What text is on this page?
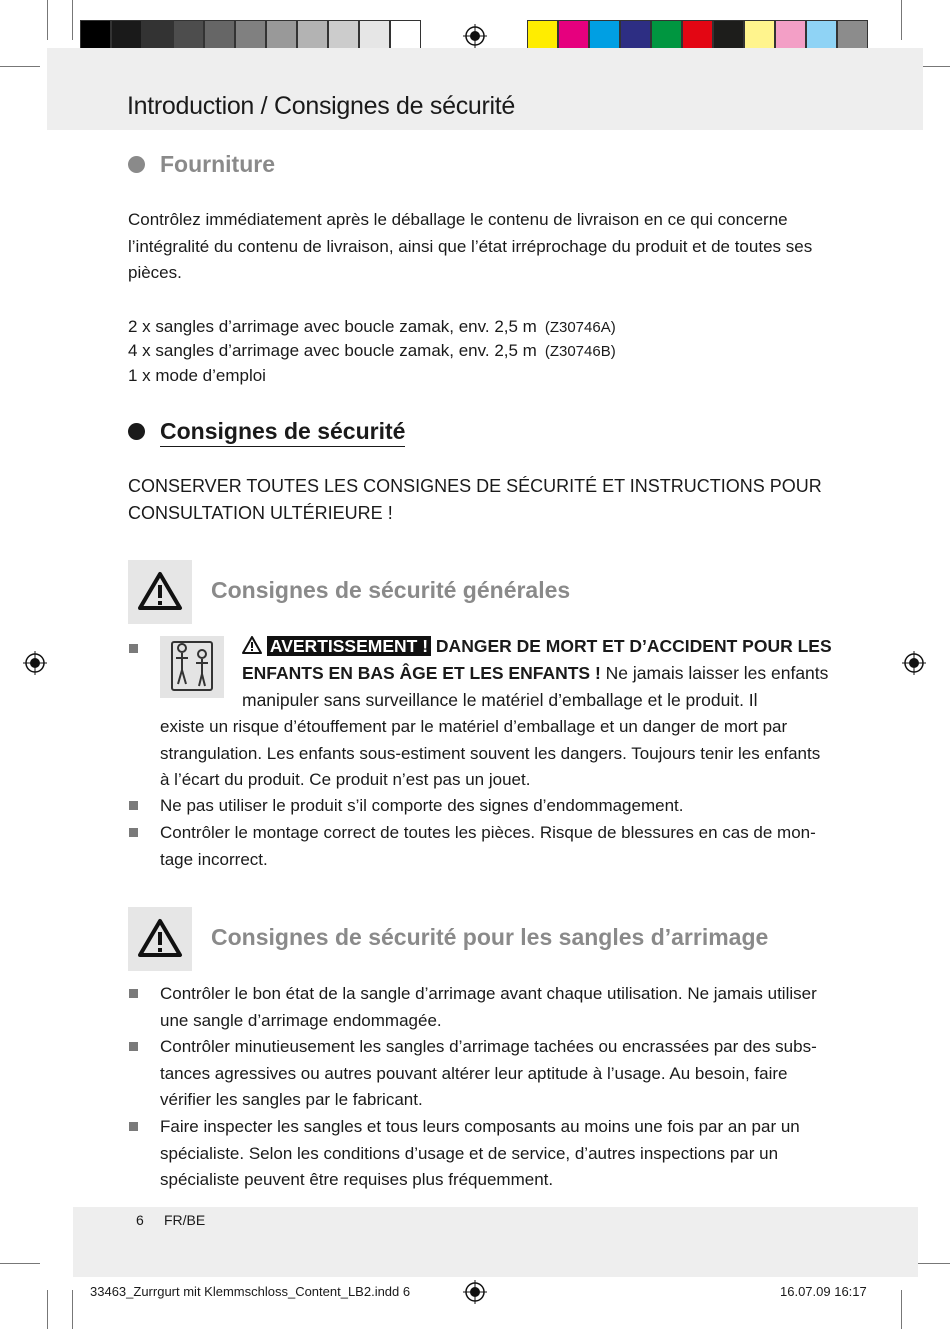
Introduction / Consignes de sécurité
Fourniture

Contrôlez immédiatement après le déballage le contenu de livraison en ce qui concerne l’intégralité du contenu de livraison, ainsi que l’état irréprochage du produit et de toutes ses pièces.

2 x sangles d’arrimage avec boucle zamak, env. 2,5 m (Z30746A)
4 x sangles d’arrimage avec boucle zamak, env. 2,5 m (Z30746B)
1 x mode d’emploi
Consignes de sécurité

CONSERVER TOUTES LES CONSIGNES DE SÉCURITÉ ET INSTRUCTIONS POUR CONSULTATION ULTÉRIEURE !

Consignes de sécurité générales

AVERTISSEMENT ! DANGER DE MORT ET D’ACCIDENT POUR LES ENFANTS EN BAS ÂGE ET LES ENFANTS ! Ne jamais laisser les enfants manipuler sans surveillance le matériel d’emballage et le produit. Il

existe un risque d’étouffement par le matériel d’emballage et un danger de mort par strangulation. Les enfants sous-estiment souvent les dangers. Toujours tenir les enfants à l’écart du produit. Ce produit n’est pas un jouet.

Ne pas utiliser le produit s’il comporte des signes d’endommagement.

Contrôler le montage correct de toutes les pièces. Risque de blessures en cas de mon-tage incorrect.

Consignes de sécurité pour les sangles d’arrimage

Contrôler le bon état de la sangle d’arrimage avant chaque utilisation. Ne jamais utiliser une sangle d’arrimage endommagée.

Contrôler minutieusement les sangles d’arrimage tachées ou encrassées par des subs-tances agressives ou autres pouvant altérer leur aptitude à l’usage. Au besoin, faire vérifier les sangles par le fabricant.

Faire inspecter les sangles et tous leurs composants au moins une fois par an par un spécialiste. Selon les conditions d’usage et de service, d’autres inspections par un spécialiste peuvent être requises plus fréquemment.

6 FR/BE
33463_Zurrgurt mit Klemmschloss_Content_LB2.indd 6	16.07.09 16:17
